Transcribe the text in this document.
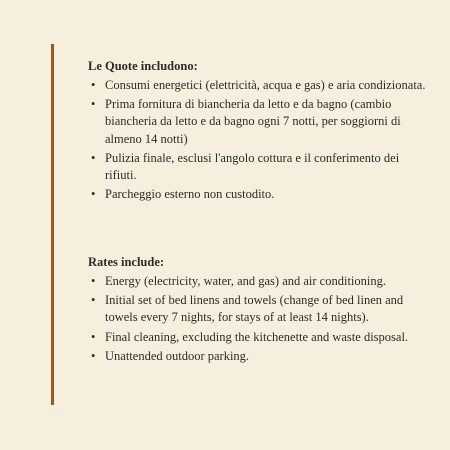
Le Quote includono:
• Consumi energetici (elettricità, acqua e gas) e aria condizionata.
• Prima fornitura di biancheria da letto e da bagno (cambio biancheria da letto e da bagno ogni 7 notti, per soggiorni di almeno 14 notti)
• Pulizia finale, esclusi l'angolo cottura e il conferimento dei rifiuti.
• Parcheggio esterno non custodito.
Rates include:
• Energy (electricity, water, and gas) and air conditioning.
• Initial set of bed linens and towels (change of bed linen and towels every 7 nights, for stays of at least 14 nights).
• Final cleaning, excluding the kitchenette and waste disposal.
• Unattended outdoor parking.
